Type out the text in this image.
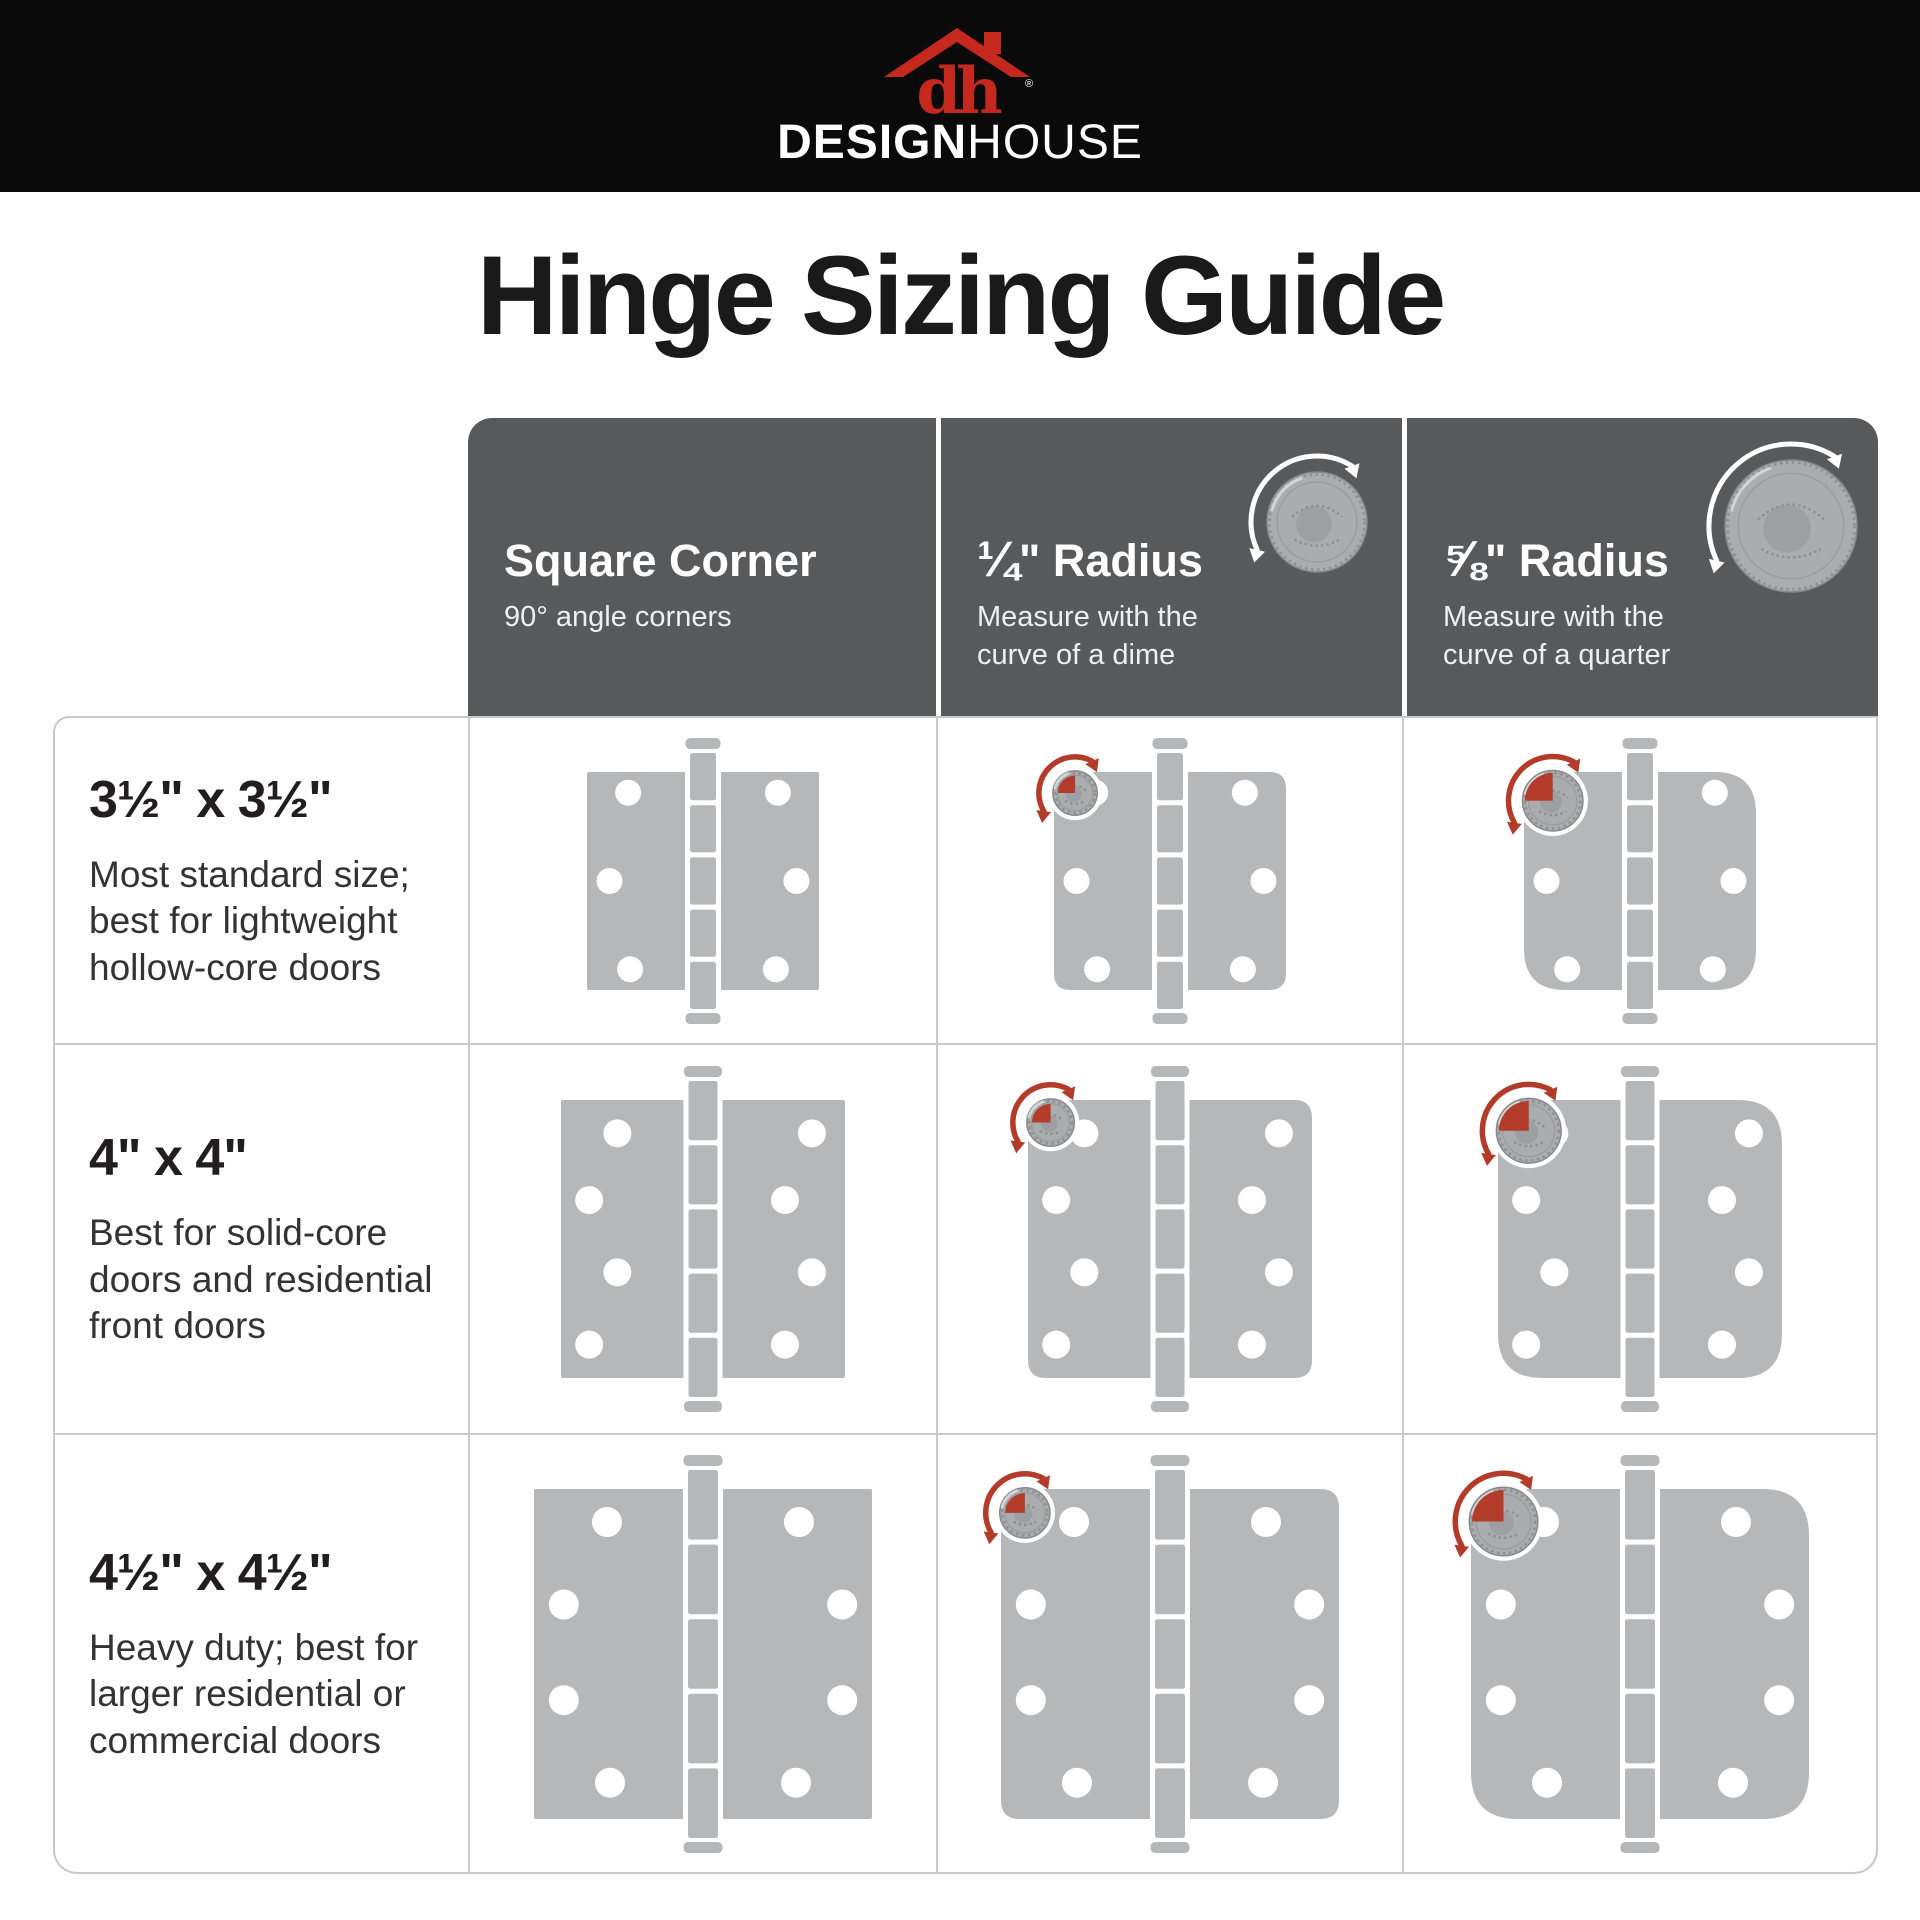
dh	®
DESIGNHOUSE
Hinge Sizing Guide
Square Corner
90° angle corners
¼" Radius
Measure with the curve of a dime
⅝" Radius
Measure with the curve of a quarter
3½" x 3½"
Most standard size; best for lightweight hollow-core doors
4" x 4"
Best for solid-core doors and residential front doors
4½" x 4½"
Heavy duty; best for larger residential or commercial doors
